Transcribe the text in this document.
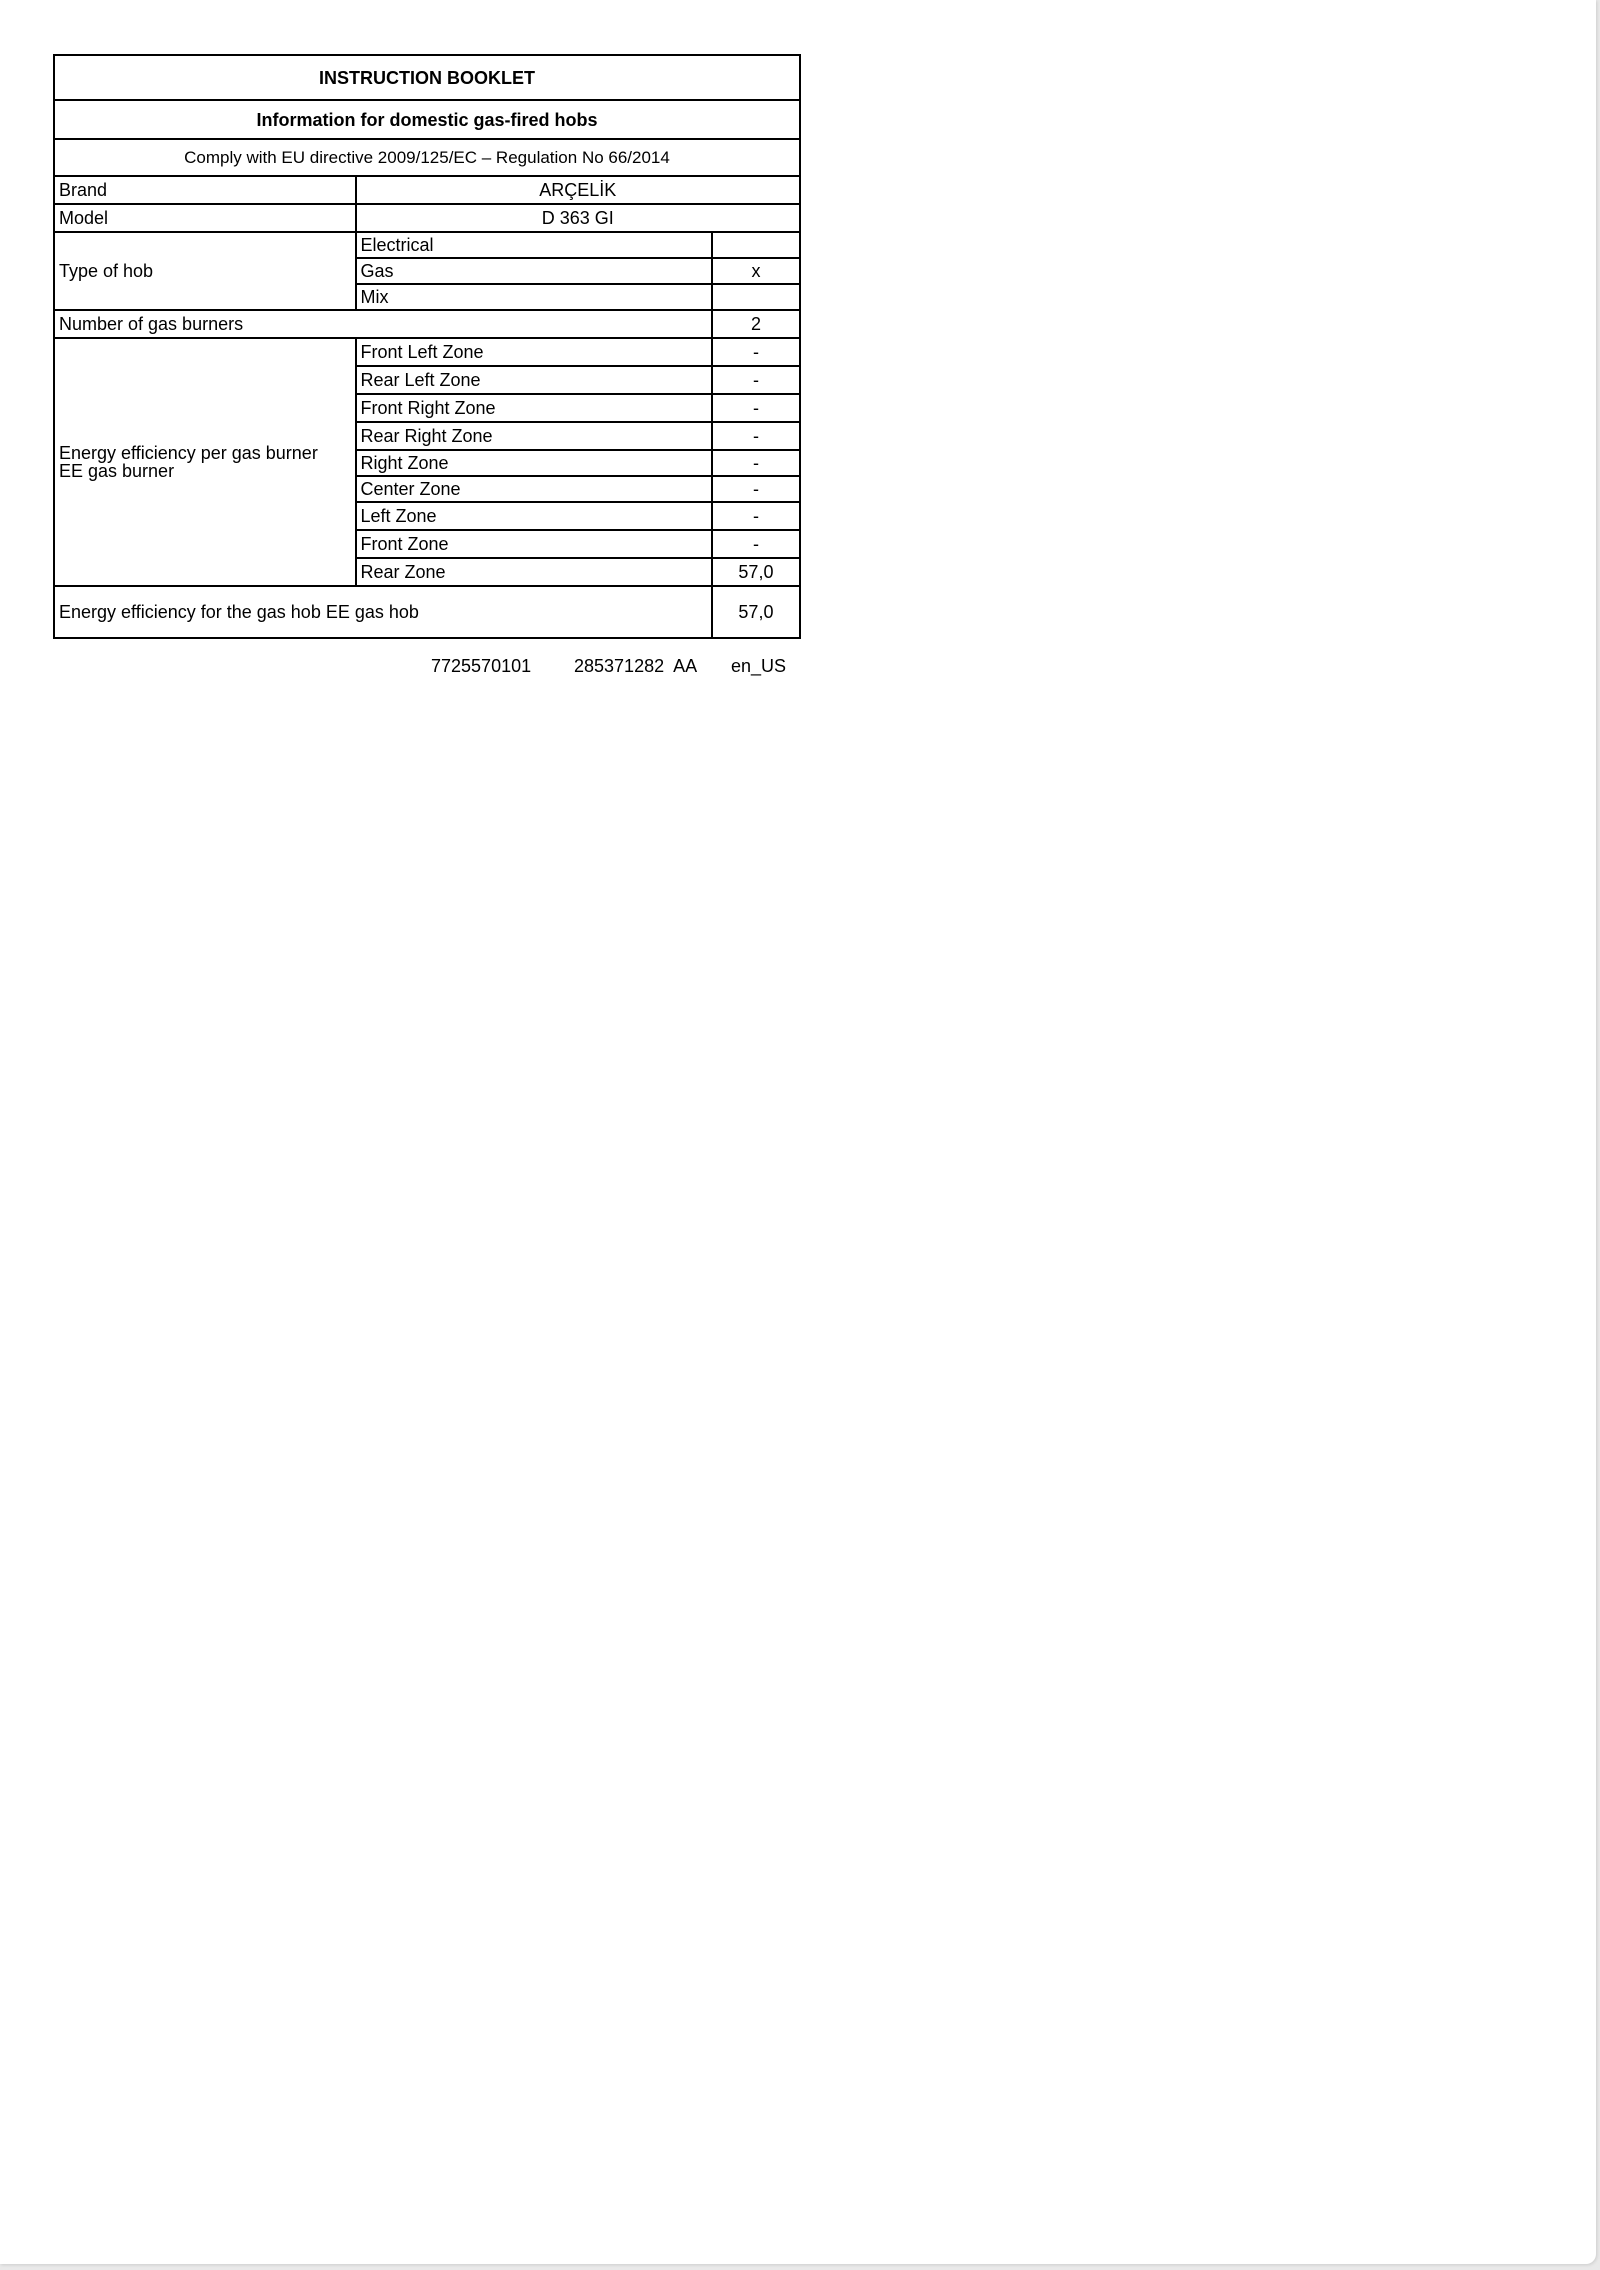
INSTRUCTION BOOKLET		
Information for domestic gas-fired hobs		
Comply with EU directive 2009/125/EC – Regulation No 66/2014		
Brand	ARÇELİK	
Model	D 363 GI	
Type of hob	Electrical	
	Gas	x
	Mix	
Number of gas burners		2

Energy efficiency per gas burner
EE gas burner	Front Left Zone	-
	Rear Left Zone	-
	Front Right Zone	-
	Rear Right Zone	-
	Right Zone	-
	Center Zone	-
	Left Zone	-
	Front Zone	-
	Rear Zone	57,0
Energy efficiency for the gas hob EE gas hob		57,0
7725570101 285371282  AA en_US
